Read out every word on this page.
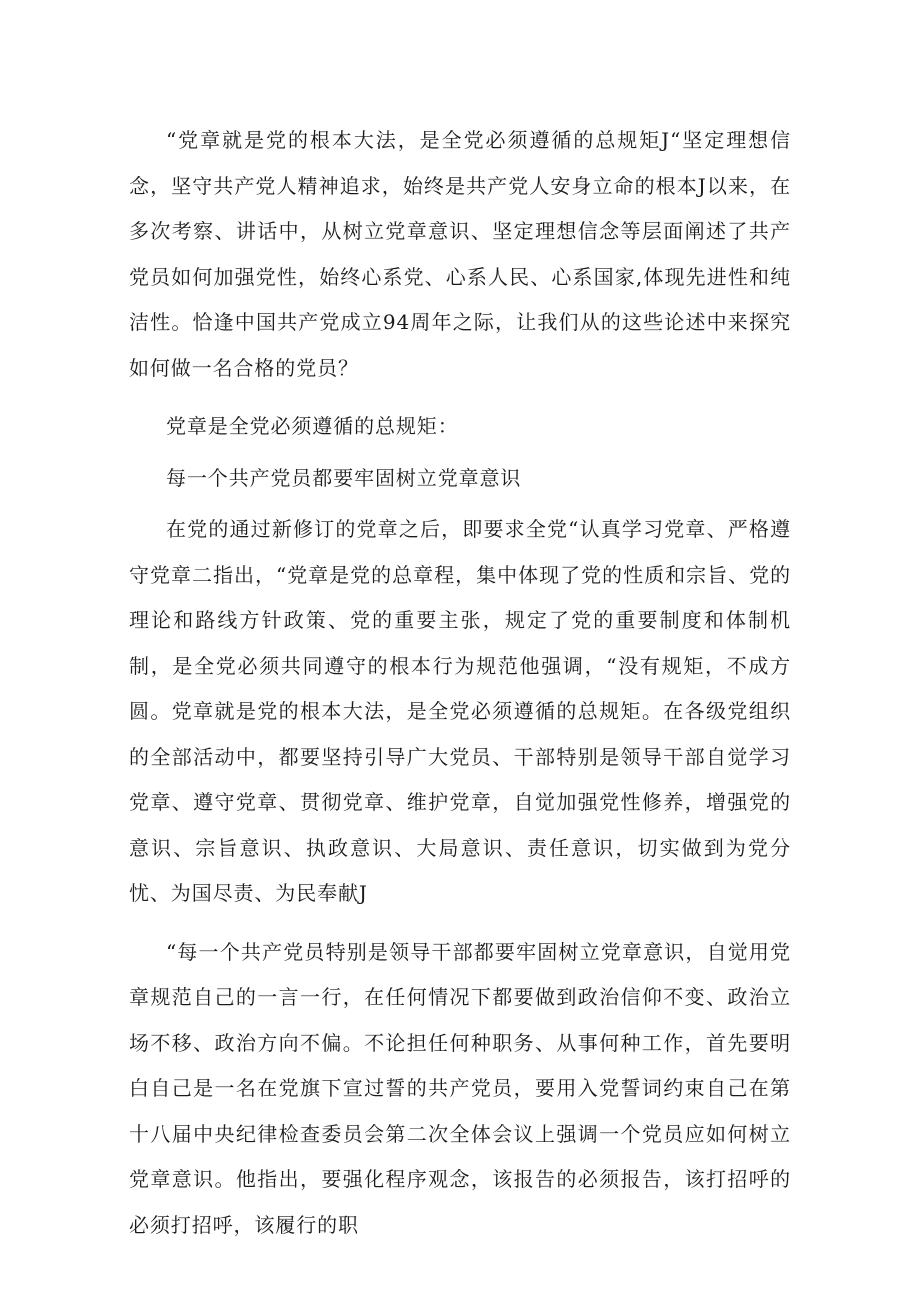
“党章就是党的根本大法，是全党必须遵循的总规矩J“坚定理想信念，坚守共产党人精神追求，始终是共产党人安身立命的根本J以来，在多次考察、讲话中，从树立党章意识、坚定理想信念等层面阐述了共产党员如何加强党性，始终心系党、心系人民、心系国家,体现先进性和纯洁性。恰逢中国共产党成立94周年之际，让我们从的这些论述中来探究如何做一名合格的党员？

党章是全党必须遵循的总规矩：

每一个共产党员都要牢固树立党章意识

在党的通过新修订的党章之后，即要求全党“认真学习党章、严格遵守党章二指出，“党章是党的总章程，集中体现了党的性质和宗旨、党的理论和路线方针政策、党的重要主张，规定了党的重要制度和体制机制，是全党必须共同遵守的根本行为规范他强调，“没有规矩，不成方圆。党章就是党的根本大法，是全党必须遵循的总规矩。在各级党组织的全部活动中，都要坚持引导广大党员、干部特别是领导干部自觉学习党章、遵守党章、贯彻党章、维护党章，自觉加强党性修养，增强党的意识、宗旨意识、执政意识、大局意识、责任意识，切实做到为党分忧、为国尽责、为民奉献J

“每一个共产党员特别是领导干部都要牢固树立党章意识，自觉用党章规范自己的一言一行，在任何情况下都要做到政治信仰不变、政治立场不移、政治方向不偏。不论担任何种职务、从事何种工作，首先要明白自己是一名在党旗下宣过誓的共产党员，要用入党誓词约束自己在第十八届中央纪律检查委员会第二次全体会议上强调一个党员应如何树立党章意识。他指出，要强化程序观念，该报告的必须报告，该打招呼的必须打招呼，该履行的职
